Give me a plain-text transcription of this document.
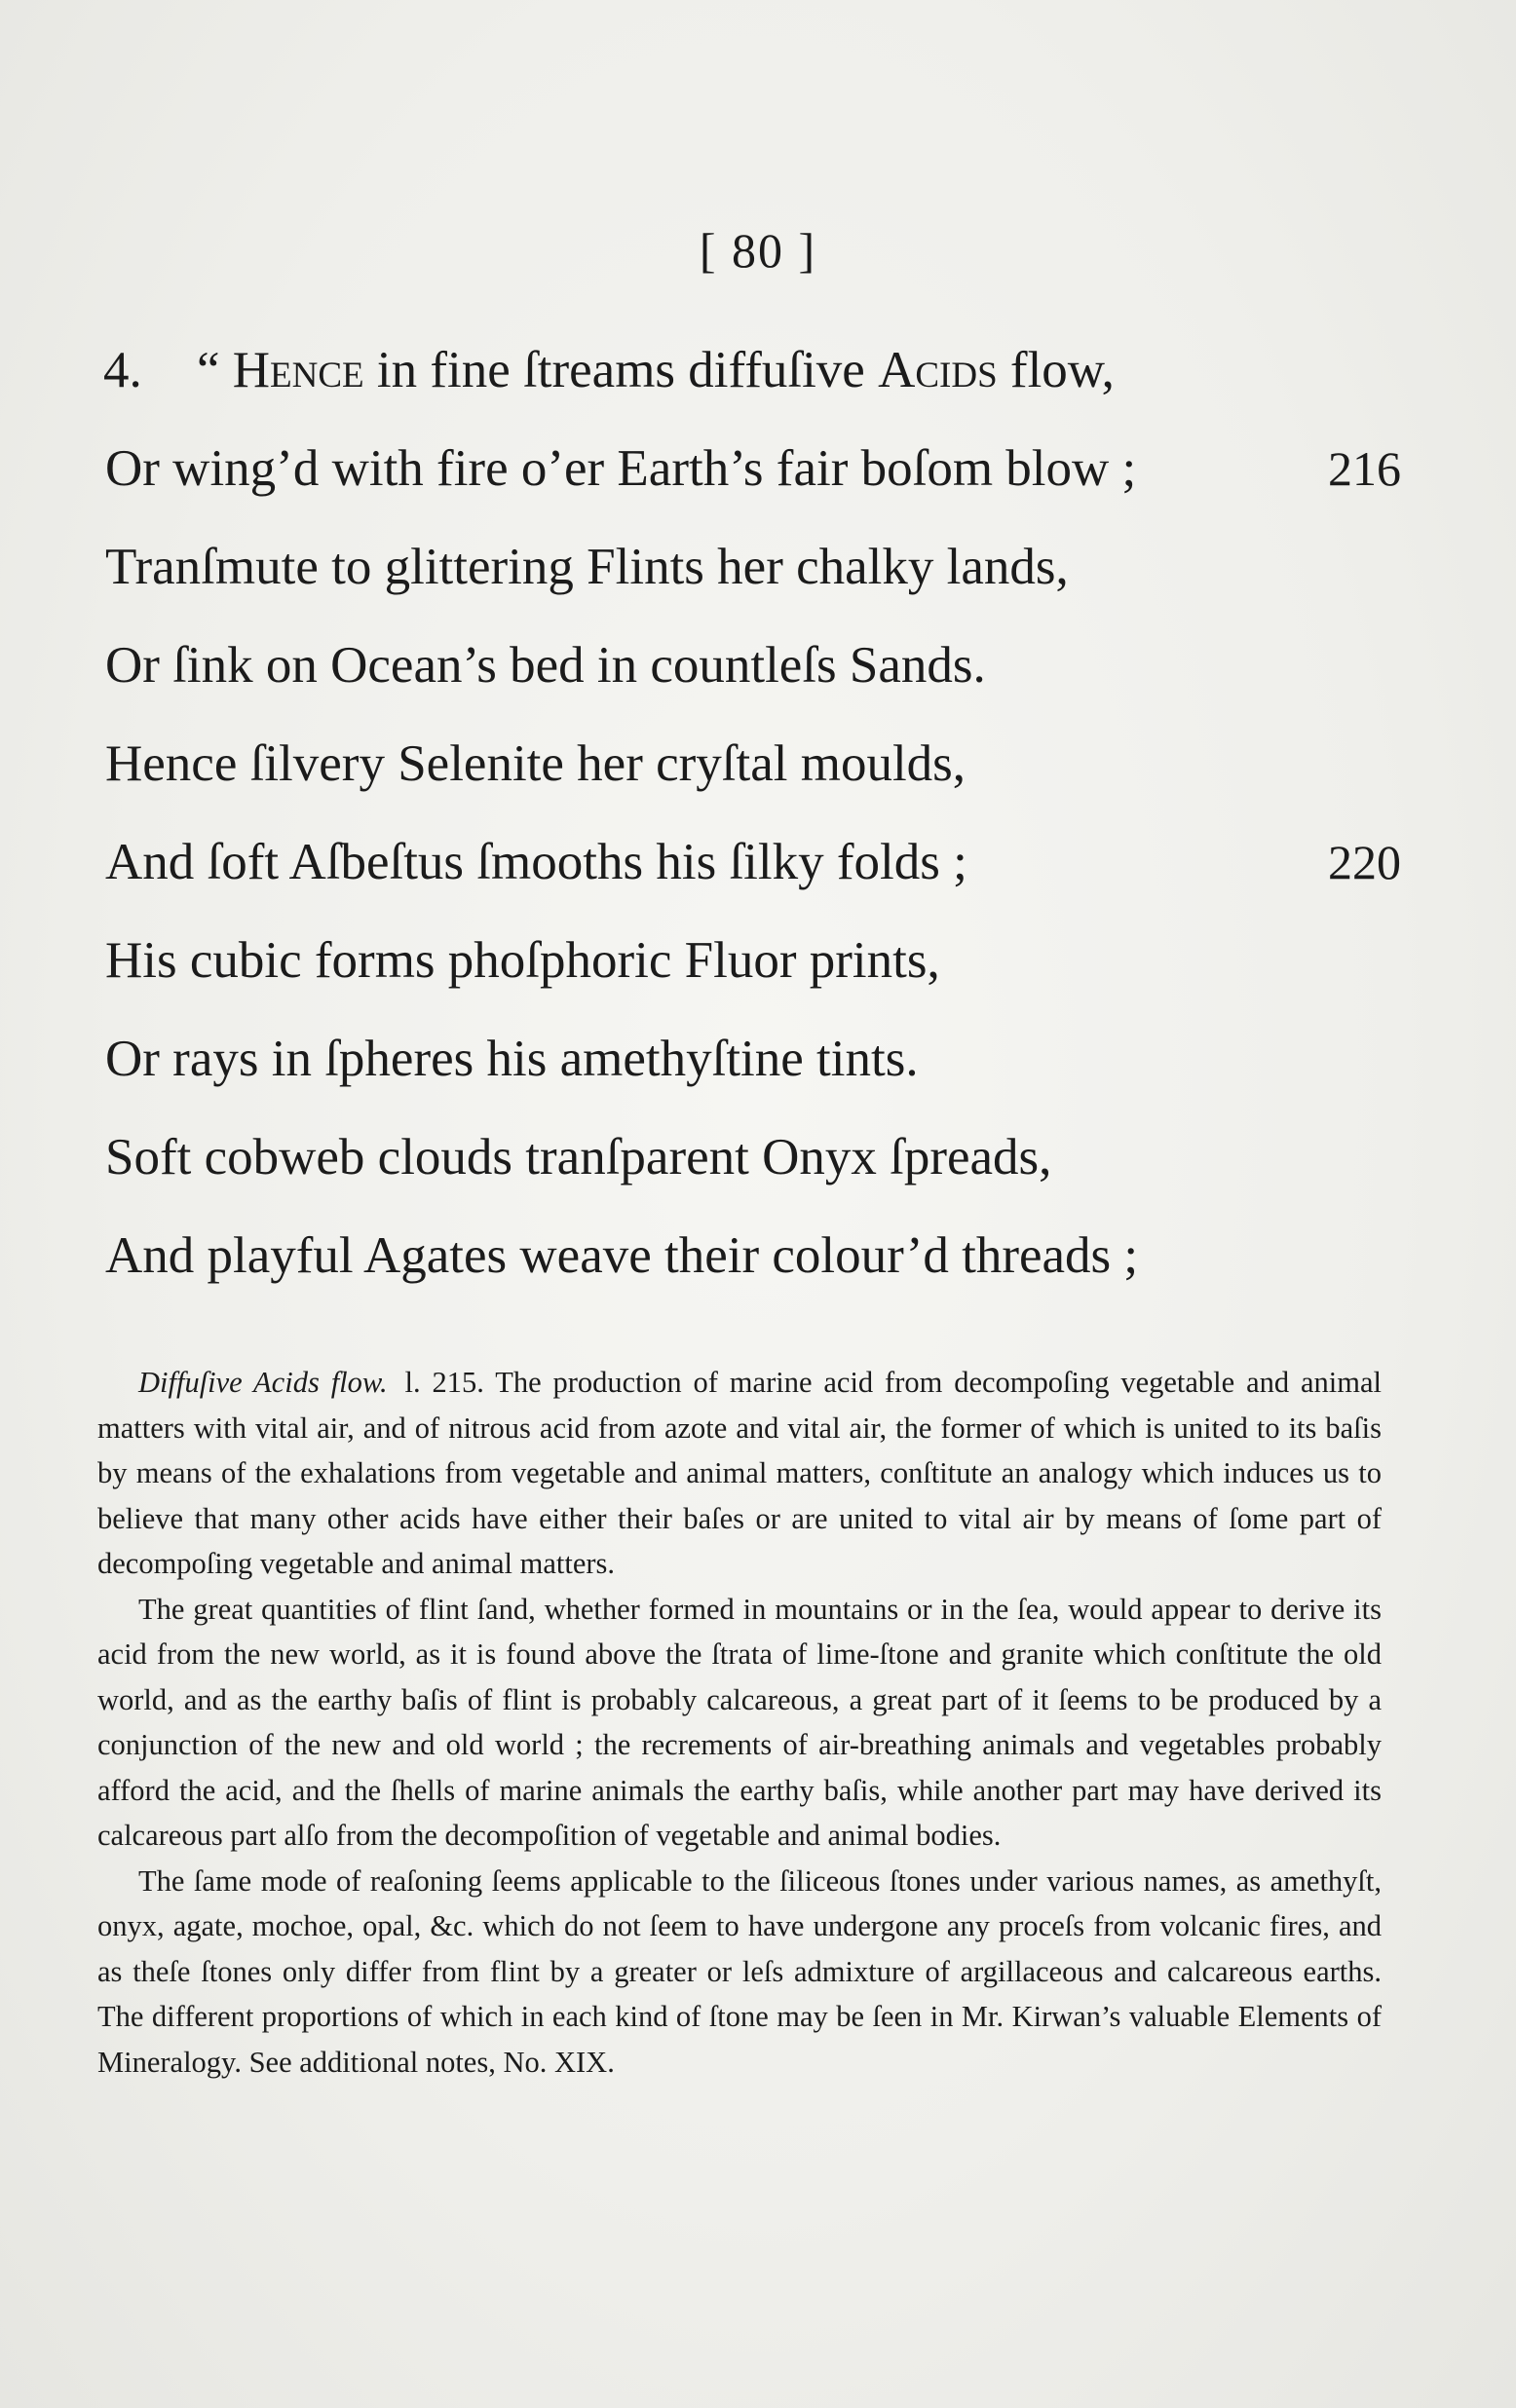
[ 80 ]
4. “ Hence in fine ſtreams diffuſive Acids flow,
Or wing’d with fire o’er Earth’s fair boſom blow ;	216
Tranſmute to glittering Flints her chalky lands,
Or ſink on Ocean’s bed in countleſs Sands.
Hence ſilvery Selenite her cryſtal moulds,
And ſoft Aſbeſtus ſmooths his ſilky folds ;	220
His cubic forms phoſphoric Fluor prints,
Or rays in ſpheres his amethyſtine tints.
Soft cobweb clouds tranſparent Onyx ſpreads,
And playful Agates weave their colour’d threads ;

Diffuſive Acids flow. l. 215. The production of marine acid from decompoſing vegetable and animal matters with vital air, and of nitrous acid from azote and vital air, the former of which is united to its baſis by means of the exhalations from vegetable and animal matters, conſtitute an analogy which induces us to believe that many other acids have either their baſes or are united to vital air by means of ſome part of decompoſing vegetable and animal matters.

The great quantities of flint ſand, whether formed in mountains or in the ſea, would appear to derive its acid from the new world, as it is found above the ſtrata of lime-ſtone and granite which conſtitute the old world, and as the earthy baſis of flint is probably calcareous, a great part of it ſeems to be produced by a conjunction of the new and old world ; the recrements of air-breathing animals and vegetables probably afford the acid, and the ſhells of marine animals the earthy baſis, while another part may have derived its calcareous part alſo from the decompoſition of vegetable and animal bodies.

The ſame mode of reaſoning ſeems applicable to the ſiliceous ſtones under various names, as amethyſt, onyx, agate, mochoe, opal, &c. which do not ſeem to have undergone any proceſs from volcanic fires, and as theſe ſtones only differ from flint by a greater or leſs admixture of argillaceous and calcareous earths. The different proportions of which in each kind of ſtone may be ſeen in Mr. Kirwan’s valuable Elements of Mineralogy. See additional notes, No. XIX.
